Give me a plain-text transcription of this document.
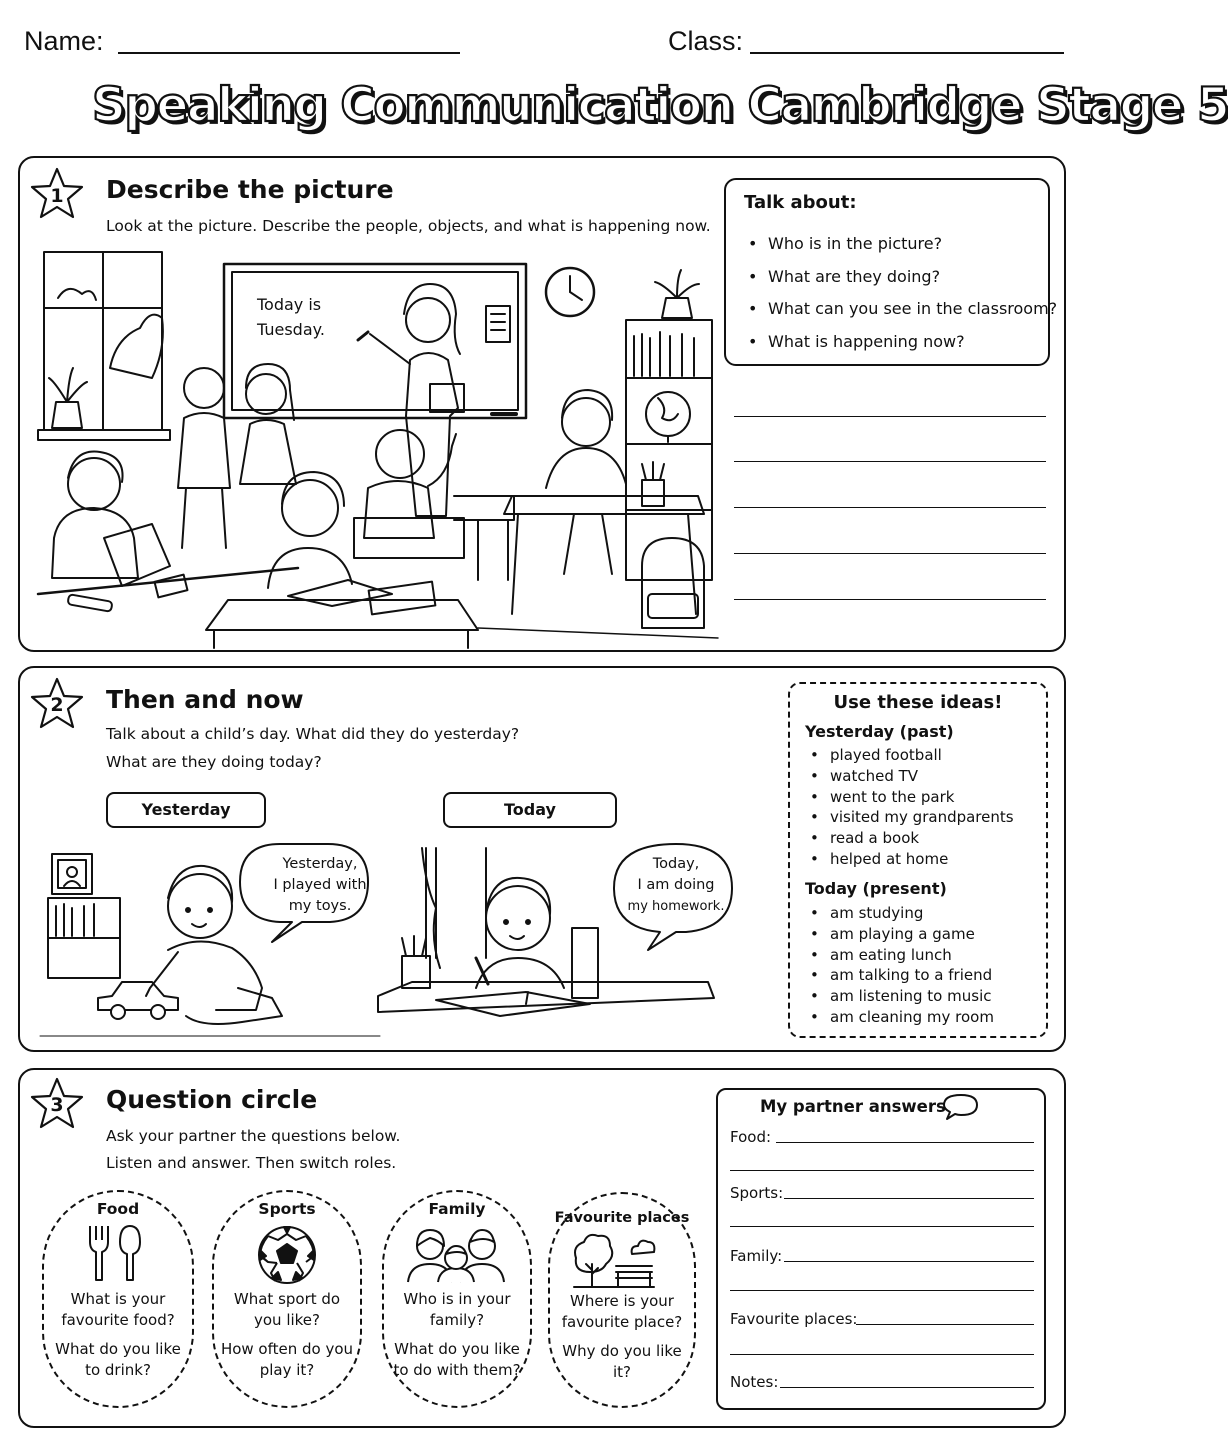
Name:	Class:
Speaking Communication Cambridge Stage 5
1 Describe the picture
Look at the picture. Describe the people, objects, and what is happening now.
Today is
Tuesday.
Talk about:
• Who is in the picture?
• What are they doing?
• What can you see in the classroom?
• What is happening now?
2 Then and now
Talk about a child’s day. What did they do yesterday?
What are they doing today?
Yesterday	Today
Yesterday,
I played with
my toys.
Today,
I am doing
my homework.
Use these ideas!
Yesterday (past)
• played football
• watched TV
• went to the park
• visited my grandparents
• read a book
• helped at home
Today (present)
• am studying
• am playing a game
• am eating lunch
• am talking to a friend
• am listening to music
• am cleaning my room
3 Question circle
Ask your partner the questions below.
Listen and answer. Then switch roles.
Food
What is your
favourite food?
What do you like
to drink?
Sports
What sport do
you like?
How often do you
play it?
Family
Who is in your
family?
What do you like
to do with them?
Favourite places
Where is your
favourite place?
Why do you like
it?
My partner answers
Food:
Sports:
Family:
Favourite places:
Notes:
